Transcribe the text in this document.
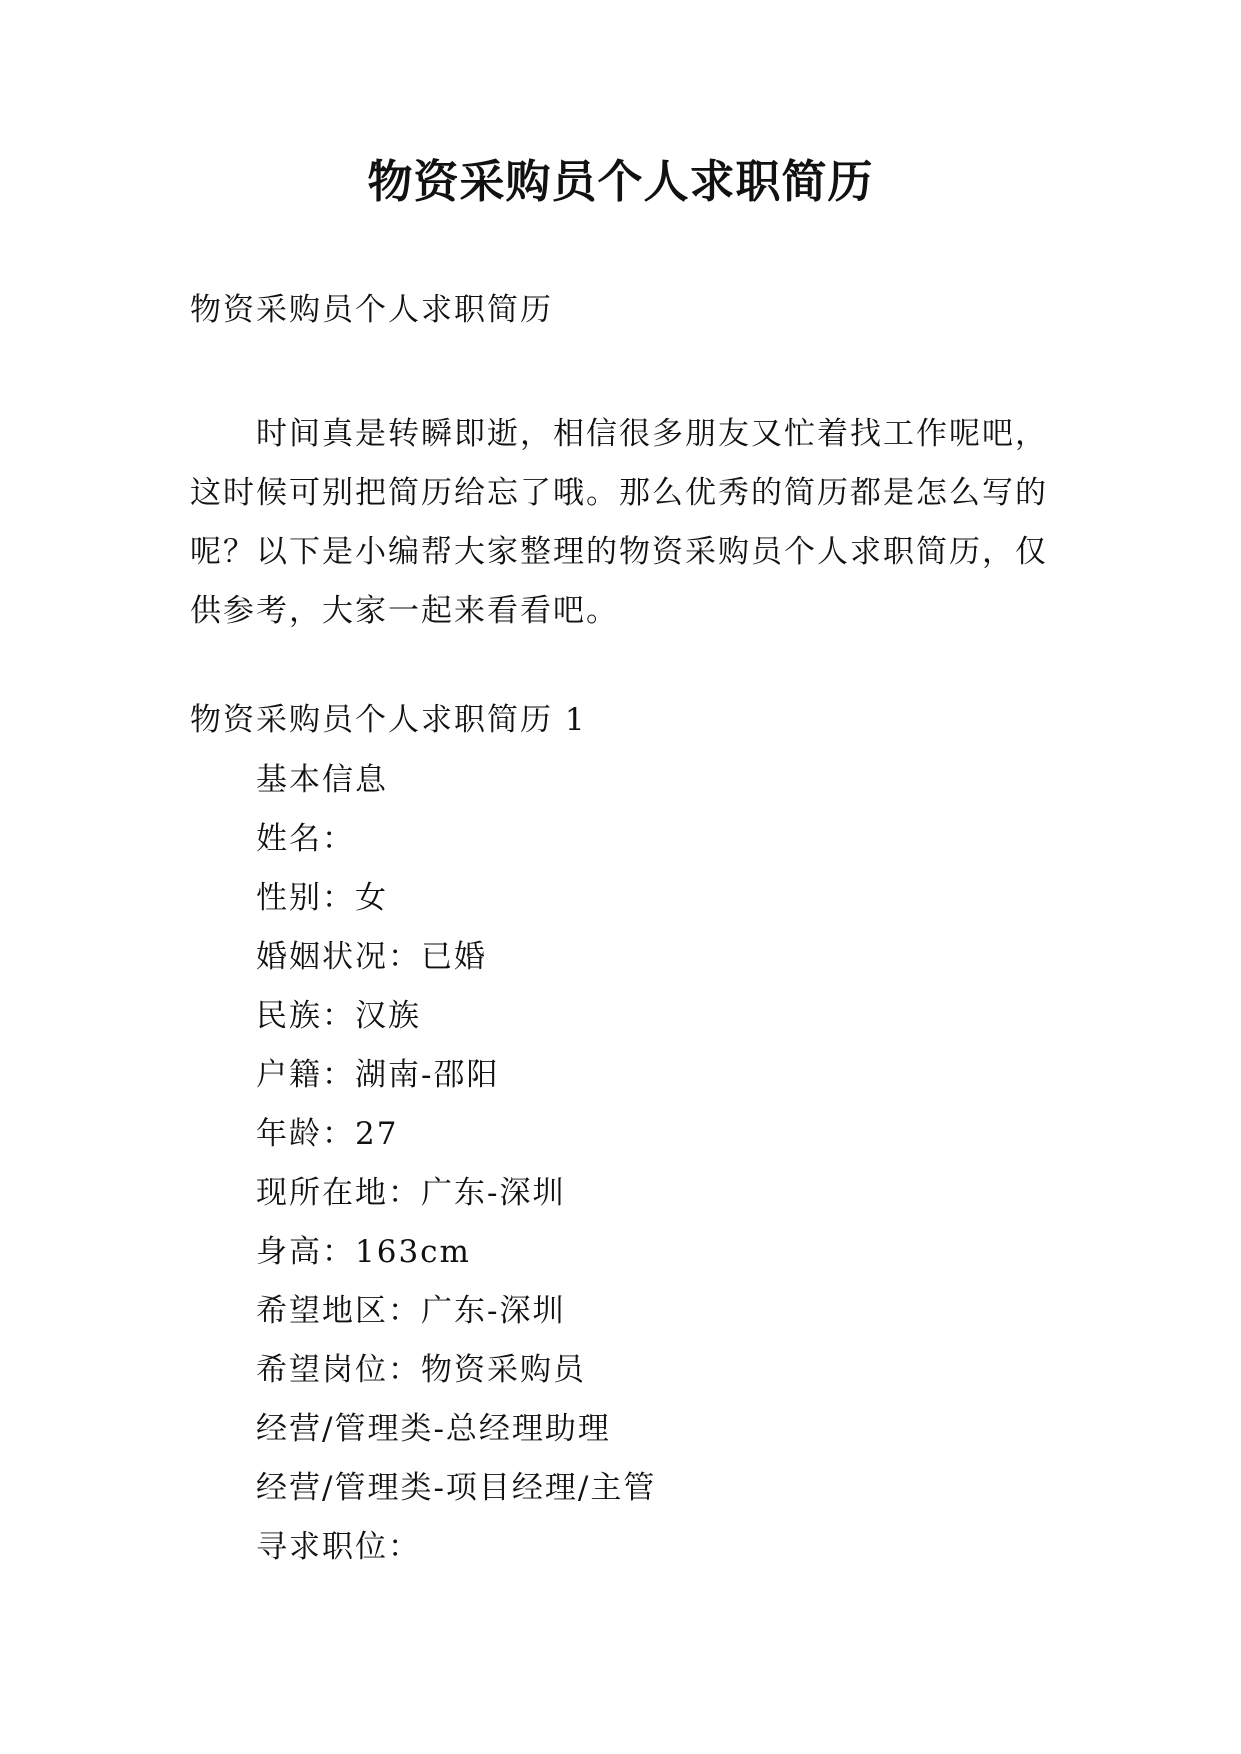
物资采购员个人求职简历
物资采购员个人求职简历

时间真是转瞬即逝，相信很多朋友又忙着找工作呢吧，这时候可别把简历给忘了哦。那么优秀的简历都是怎么写的呢？以下是小编帮大家整理的物资采购员个人求职简历，仅供参考，大家一起来看看吧。

物资采购员个人求职简历 1
基本信息
姓名：
性别：女
婚姻状况：已婚
民族：汉族
户籍：湖南-邵阳
年龄：27
现所在地：广东-深圳
身高：163cm
希望地区：广东-深圳
希望岗位：物资采购员
经营/管理类-总经理助理
经营/管理类-项目经理/主管
寻求职位：
